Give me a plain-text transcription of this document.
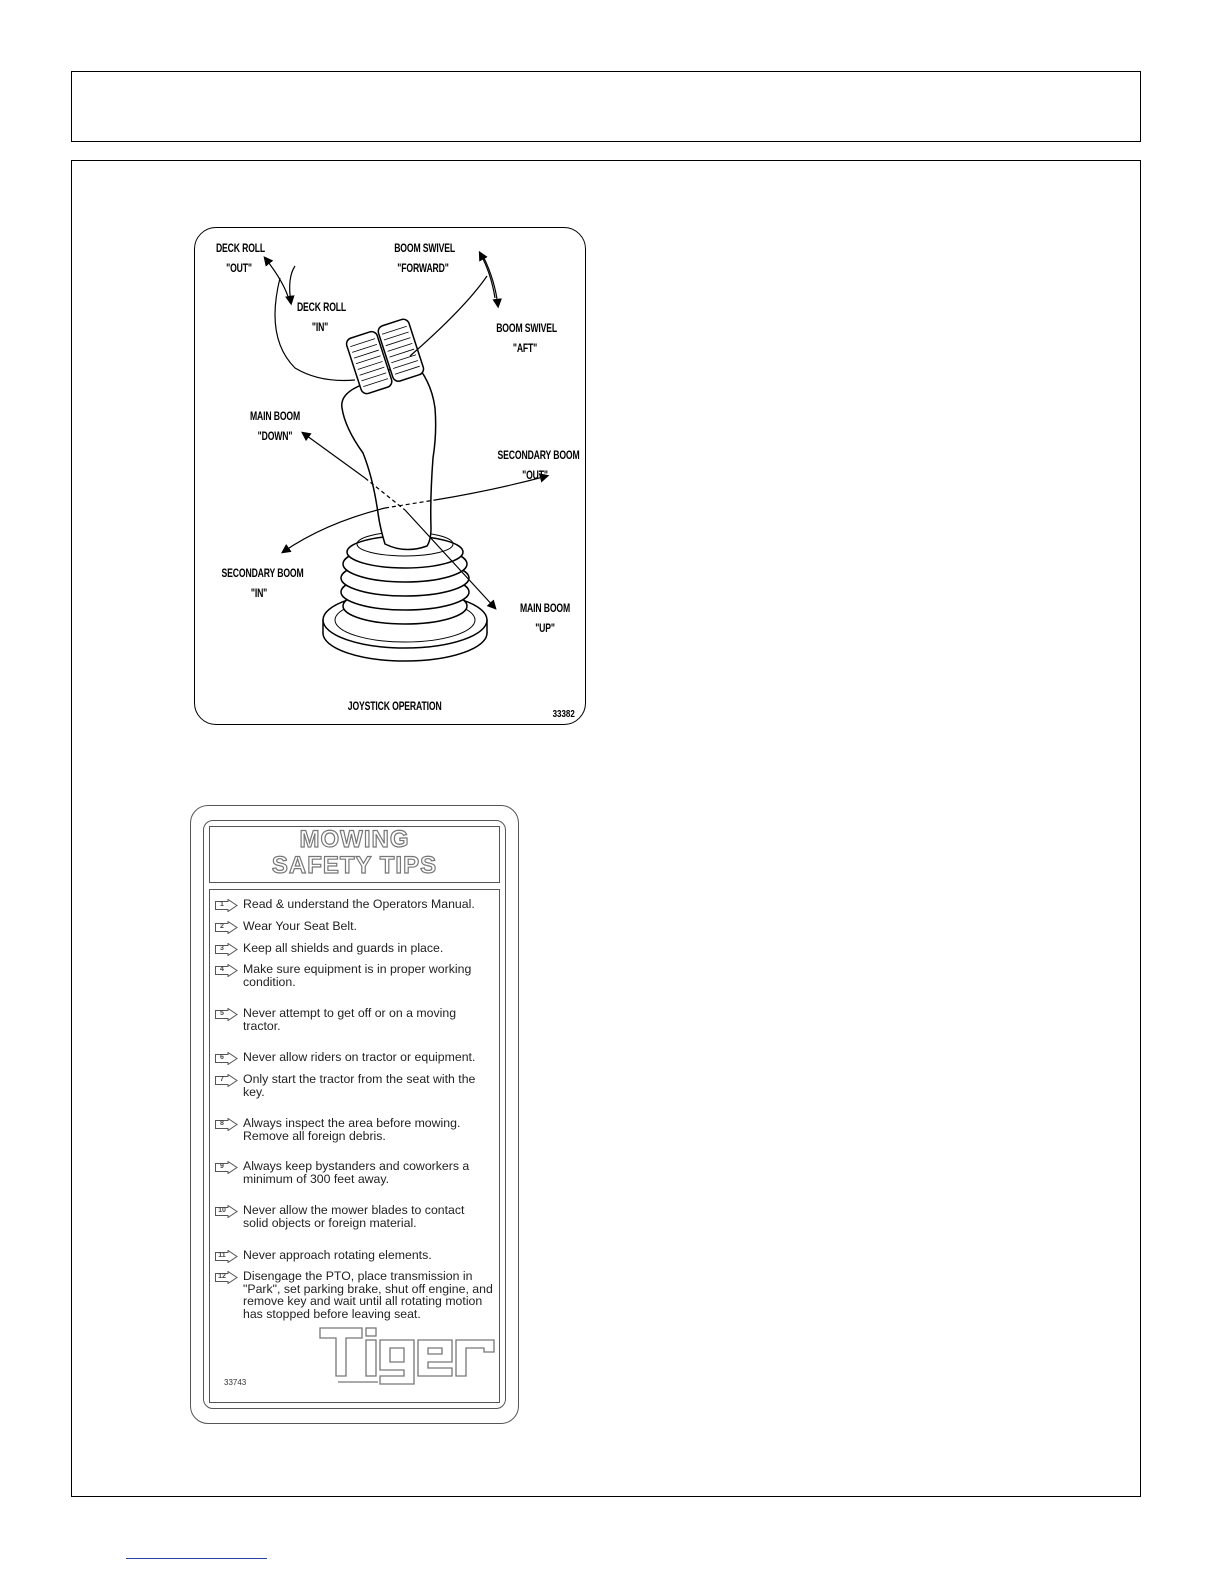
DECK ROLL
"OUT"
DECK ROLL
"IN"
BOOM SWIVEL
"FORWARD"
BOOM SWIVEL
"AFT"
MAIN BOOM
"DOWN"
SECONDARY BOOM
"OUT"
SECONDARY BOOM
"IN"
MAIN BOOM
"UP"
JOYSTICK OPERATION
33382
MOWING
SAFETY TIPS
33743
1	Read & understand the Operators Manual.
2	Wear Your Seat Belt.
3	Keep all shields and guards in place.
4	Make sure equipment is in proper working condition.
5	Never attempt to get off or on a moving tractor.
6	Never allow riders on tractor or equipment.
7	Only start the tractor from the seat with the key.
8	Always inspect the area before mowing. Remove all foreign debris.
9	Always keep bystanders and coworkers a minimum of 300 feet away.
10	Never allow the mower blades to contact solid objects or foreign material.
11	Never approach rotating elements.
12	Disengage the PTO, place transmission in "Park", set parking brake, shut off engine, and remove key and wait until all rotating motion has stopped before leaving seat.
